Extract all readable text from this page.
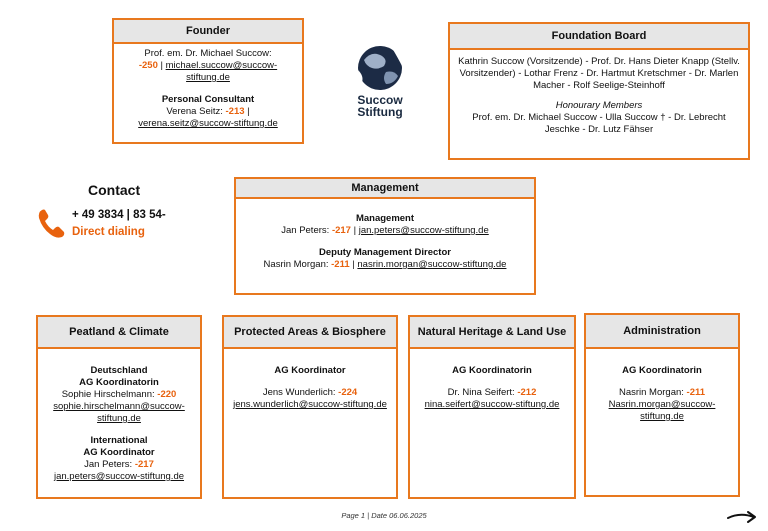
Founder
Prof. em. Dr. Michael Succow:
-250 | michael.succow@succow-stiftung.de
Personal Consultant
Verena Seitz: -213 |
verena.seitz@succow-stiftung.de
Succow
Stiftung
Foundation Board
Kathrin Succow (Vorsitzende) - Prof. Dr. Hans Dieter Knapp (Stellv. Vorsitzender) - Lothar Frenz - Dr. Hartmut Kretschmer - Dr. Marlen Macher - Rolf Seelige-Steinhoff
Honourary Members
Prof. em. Dr. Michael Succow - Ulla Succow † - Dr. Lebrecht Jeschke - Dr. Lutz Fähser
Contact
+ 49 3834 | 83 54-
Direct dialing
Management
Management
Jan Peters: -217 | jan.peters@succow-stiftung.de
Deputy Management Director
Nasrin Morgan: -211 | nasrin.morgan@succow-stiftung.de
Peatland & Climate
Deutschland
AG Koordinatorin
Sophie Hirschelmann: -220
sophie.hirschelmann@succow-stiftung.de
International
AG Koordinator
Jan Peters: -217
jan.peters@succow-stiftung.de
Protected Areas & Biosphere
AG Koordinator
Jens Wunderlich: -224
jens.wunderlich@succow-stiftung.de
Natural Heritage & Land Use
AG Koordinatorin
Dr. Nina Seifert: -212
nina.seifert@succow-stiftung.de
Administration
AG Koordinatorin
Nasrin Morgan: -211
Nasrin.morgan@succow-stiftung.de
Page 1 | Date 06.06.2025
